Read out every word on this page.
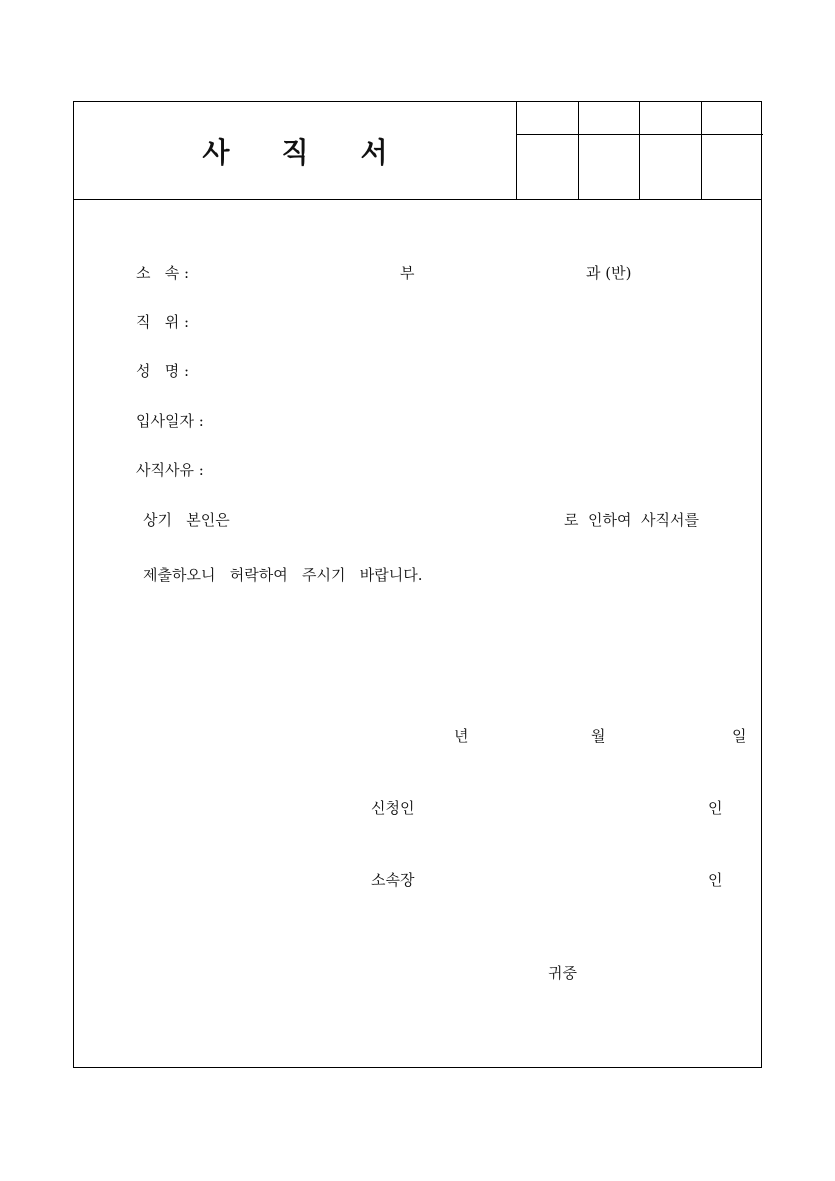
사 직 서

소   속 :	부	과 (반)
직   위 :
성   명 :
입사일자 :
사직사유 :
상기   본인은	로  인하여  사직서를
제출하오니   허락하여   주시기   바랍니다.
년	월	일
신청인	인
소속장	인
귀중
